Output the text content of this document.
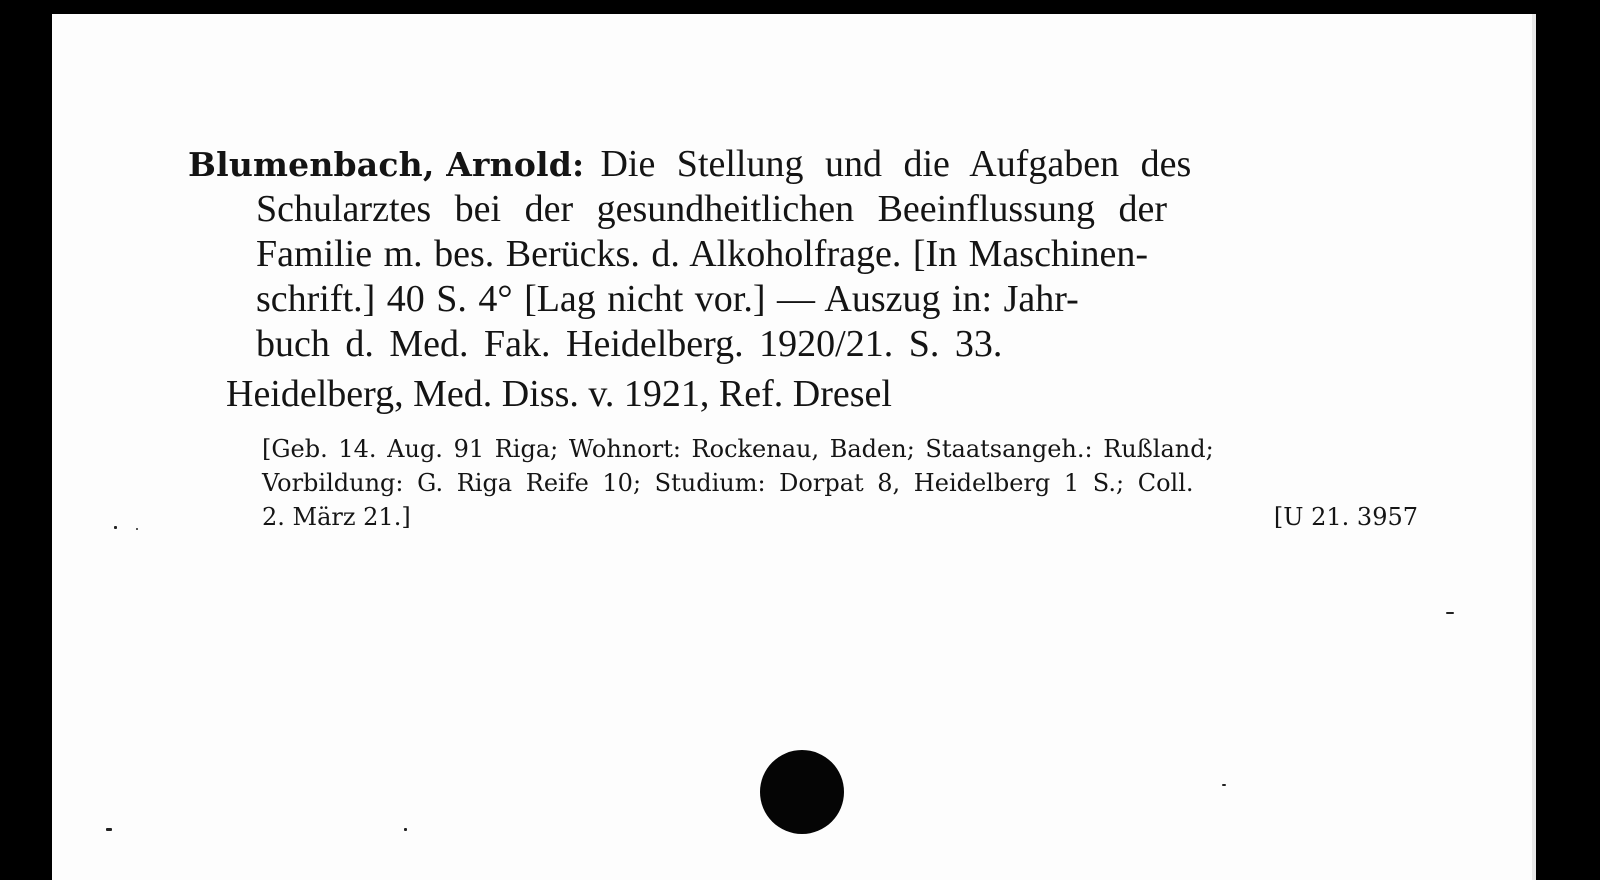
Blumenbach, Arnold: Die Stellung und die Aufgaben des
Schularztes bei der gesundheitlichen Beeinflussung der
Familie m. bes. Berücks. d. Alkoholfrage. [In Maschinen-
schrift.] 40 S. 4° [Lag nicht vor.] — Auszug in: Jahr-
buch d. Med. Fak. Heidelberg. 1920/21. S. 33.
Heidelberg, Med. Diss. v. 1921, Ref. Dresel
[Geb. 14. Aug. 91 Riga; Wohnort: Rockenau, Baden; Staatsangeh.: Rußland;
Vorbildung: G. Riga Reife 10; Studium: Dorpat 8, Heidelberg 1 S.; Coll.
2. März 21.]	[U 21. 3957
